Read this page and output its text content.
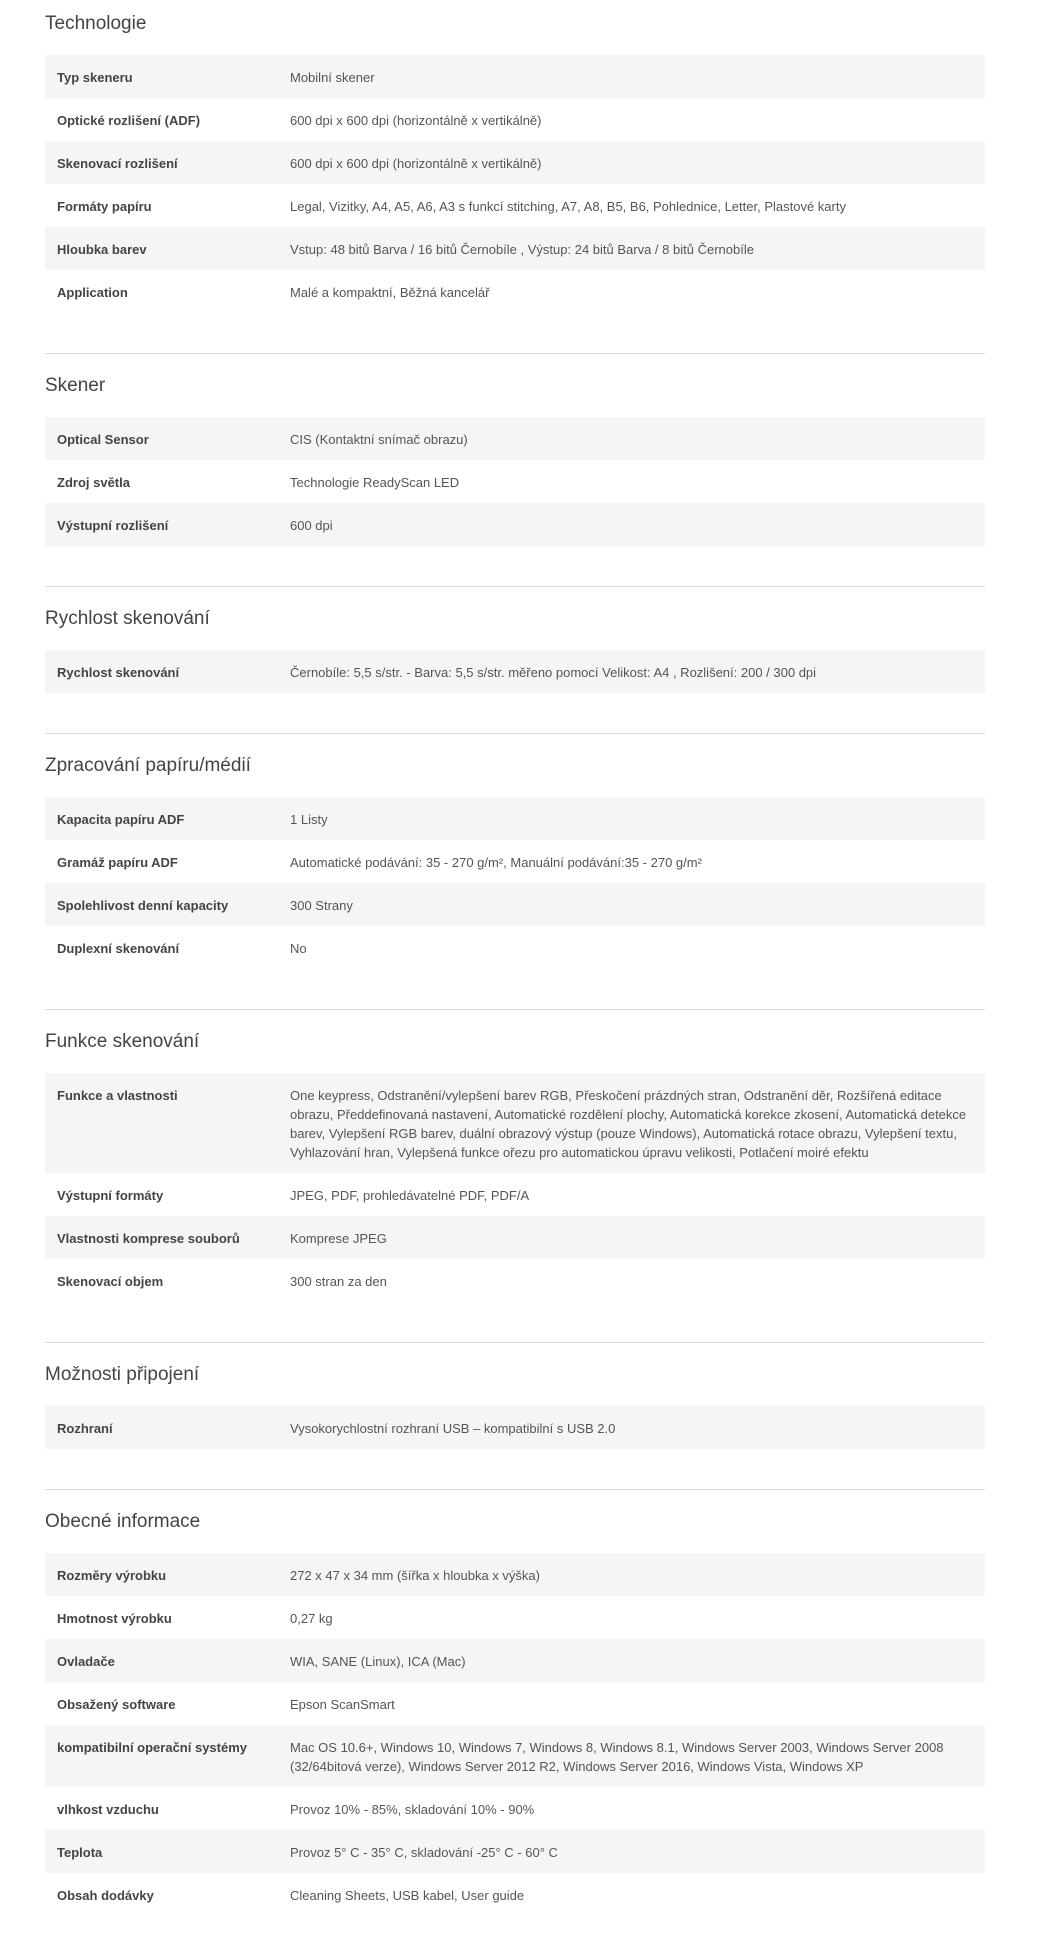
Technologie
Typ skeneru	Mobilní skener
Optické rozlišení (ADF)	600 dpi x 600 dpi (horizontálně x vertikálně)
Skenovací rozlišení	600 dpi x 600 dpi (horizontálně x vertikálně)
Formáty papíru	Legal, Vizitky, A4, A5, A6, A3 s funkcí stitching, A7, A8, B5, B6, Pohlednice, Letter, Plastové karty
Hloubka barev	Vstup: 48 bitů Barva / 16 bitů Černobíle , Výstup: 24 bitů Barva / 8 bitů Černobíle
Application	Malé a kompaktní, Běžná kancelář
Skener
Optical Sensor	CIS (Kontaktní snímač obrazu)
Zdroj světla	Technologie ReadyScan LED
Výstupní rozlišení	600 dpi
Rychlost skenování
Rychlost skenování	Černobíle: 5,5 s/str. - Barva: 5,5 s/str. měřeno pomocí Velikost: A4 , Rozlišení: 200 / 300 dpi
Zpracování papíru/médií
Kapacita papíru ADF	1 Listy
Gramáž papíru ADF	Automatické podávání: 35 - 270 g/m², Manuální podávání:35 - 270 g/m²
Spolehlivost denní kapacity	300 Strany
Duplexní skenování	No
Funkce skenování
Funkce a vlastnosti	One keypress, Odstranění/vylepšení barev RGB, Přeskočení prázdných stran, Odstranění děr, Rozšířená editace obrazu, Předdefinovaná nastavení, Automatické rozdělení plochy, Automatická korekce zkosení, Automatická detekce barev, Vylepšení RGB barev, duální obrazový výstup (pouze Windows), Automatická rotace obrazu, Vylepšení textu, Vyhlazování hran, Vylepšená funkce ořezu pro automatickou úpravu velikosti, Potlačení moiré efektu
Výstupní formáty	JPEG, PDF, prohledávatelné PDF, PDF/A
Vlastnosti komprese souborů	Komprese JPEG
Skenovací objem	300 stran za den
Možnosti připojení
Rozhraní	Vysokorychlostní rozhraní USB – kompatibilní s USB 2.0
Obecné informace
Rozměry výrobku	272 x 47 x 34 mm (šířka x hloubka x výška)
Hmotnost výrobku	0,27 kg
Ovladače	WIA, SANE (Linux), ICA (Mac)
Obsažený software	Epson ScanSmart
kompatibilní operační systémy	Mac OS 10.6+, Windows 10, Windows 7, Windows 8, Windows 8.1, Windows Server 2003, Windows Server 2008 (32/64bitová verze), Windows Server 2012 R2, Windows Server 2016, Windows Vista, Windows XP
vlhkost vzduchu	Provoz 10% - 85%, skladování 10% - 90%
Teplota	Provoz 5° C - 35° C, skladování -25° C - 60° C
Obsah dodávky	Cleaning Sheets, USB kabel, User guide
